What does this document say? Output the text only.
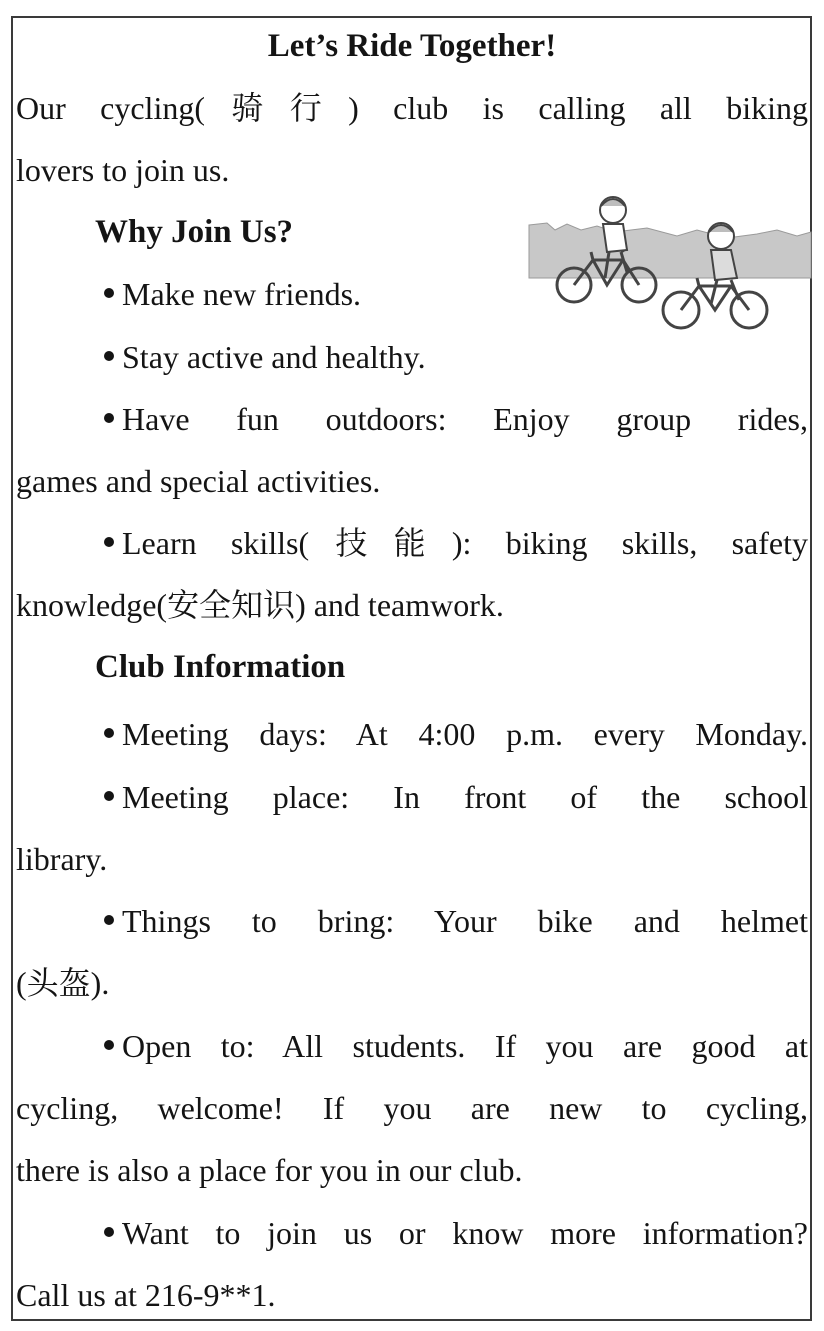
Let’s Ride Together!
Our cycling(骑行) club is calling all biking
lovers to join us.
Why Join Us?
Make new friends.
Stay active and healthy.
Have fun outdoors: Enjoy group rides,
games and special activities.
Learn skills(技能): biking skills, safety
knowledge(安全知识) and teamwork.
Club Information
Meeting days: At 4:00 p.m. every Monday.
Meeting place: In front of the school
library.
Things to bring: Your bike and helmet
(头盔).
Open to: All students. If you are good at
cycling, welcome! If you are new to cycling,
there is also a place for you in our club.
Want to join us or know more information?
Call us at 216-9**1.
